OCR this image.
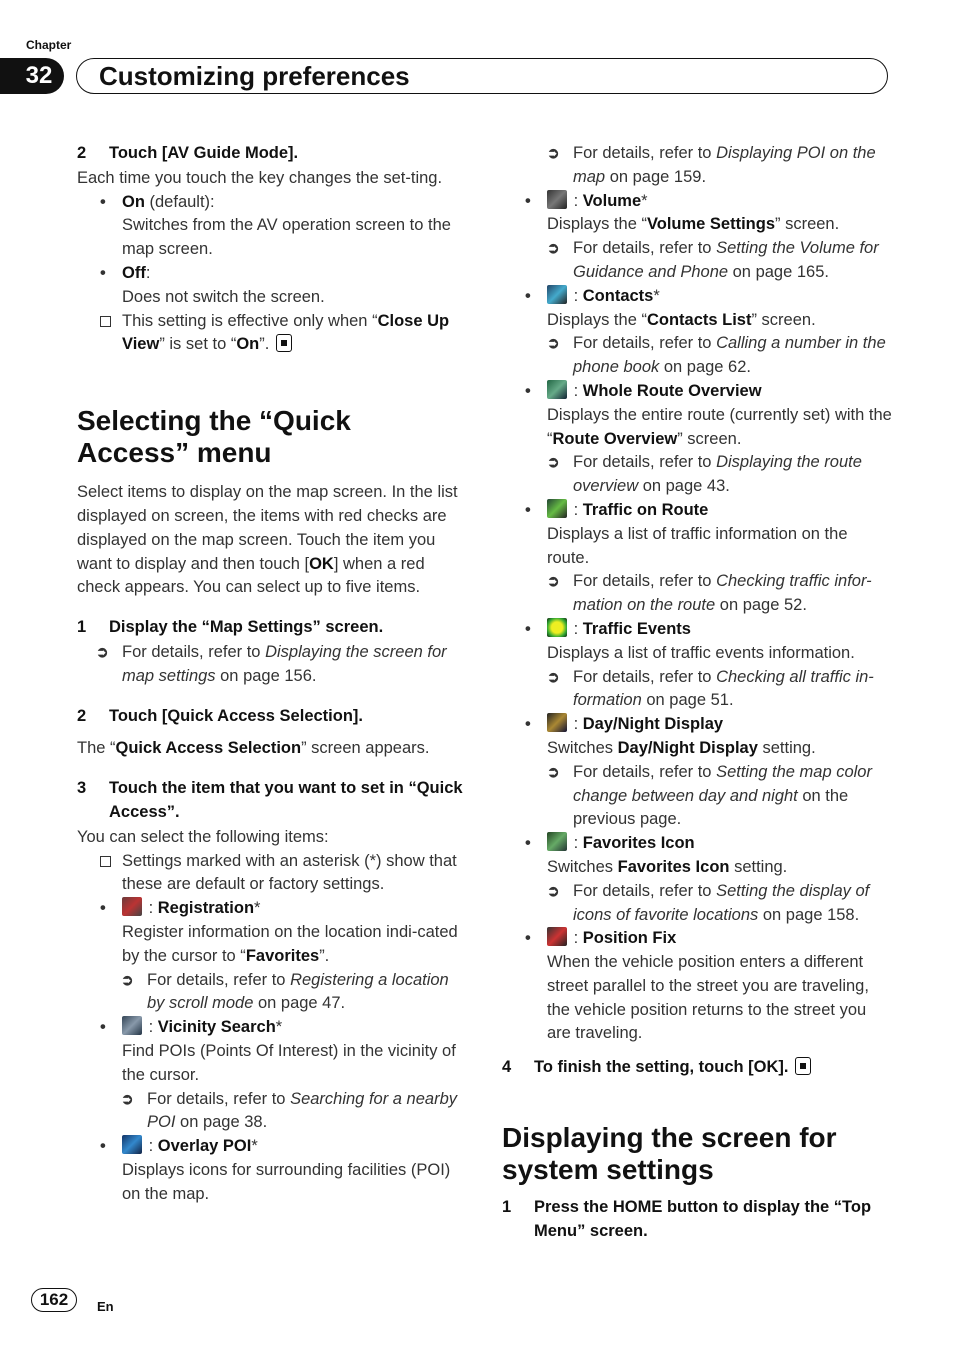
Chapter
32	Customizing preferences
2	Touch [AV Guide Mode].
Each time you touch the key changes the set-ting.
• On (default):
Switches from the AV operation screen to the map screen.
• Off:
Does not switch the screen.
This setting is effective only when “Close Up View” is set to “On”.
Selecting the “Quick Access” menu
Select items to display on the map screen. In the list displayed on screen, the items with red checks are displayed on the map screen. Touch the item you want to display and then touch [OK] when a red check appears. You can select up to five items.
1	Display the “Map Settings” screen.
➲ For details, refer to Displaying the screen for map settings on page 156.
2	Touch [Quick Access Selection].
The “Quick Access Selection” screen appears.
3	Touch the item that you want to set in “Quick Access”.
You can select the following items:
Settings marked with an asterisk (*) show that these are default or factory settings.
•	: Registration*
Register information on the location indi-cated by the cursor to “Favorites”.
➲ For details, refer to Registering a location by scroll mode on page 47.
•	: Vicinity Search*
Find POIs (Points Of Interest) in the vicinity of the cursor.
➲ For details, refer to Searching for a nearby POI on page 38.
•	: Overlay POI*
Displays icons for surrounding facilities (POI) on the map.
➲ For details, refer to Displaying POI on the map on page 159.
•	: Volume*
Displays the “Volume Settings” screen.
➲ For details, refer to Setting the Volume for Guidance and Phone on page 165.
•	: Contacts*
Displays the “Contacts List” screen.
➲ For details, refer to Calling a number in the phone book on page 62.
•	: Whole Route Overview
Displays the entire route (currently set) with the “Route Overview” screen.
➲ For details, refer to Displaying the route overview on page 43.
•	: Traffic on Route
Displays a list of traffic information on the route.
➲ For details, refer to Checking traffic infor-mation on the route on page 52.
•	: Traffic Events
Displays a list of traffic events information.
➲ For details, refer to Checking all traffic in-formation on page 51.
•	: Day/Night Display
Switches Day/Night Display setting.
➲ For details, refer to Setting the map color change between day and night on the previous page.
•	: Favorites Icon
Switches Favorites Icon setting.
➲ For details, refer to Setting the display of icons of favorite locations on page 158.
•	: Position Fix
When the vehicle position enters a different street parallel to the street you are traveling, the vehicle position returns to the street you are traveling.
4	To finish the setting, touch [OK].
Displaying the screen for system settings
1	Press the HOME button to display the “Top Menu” screen.
162	En
